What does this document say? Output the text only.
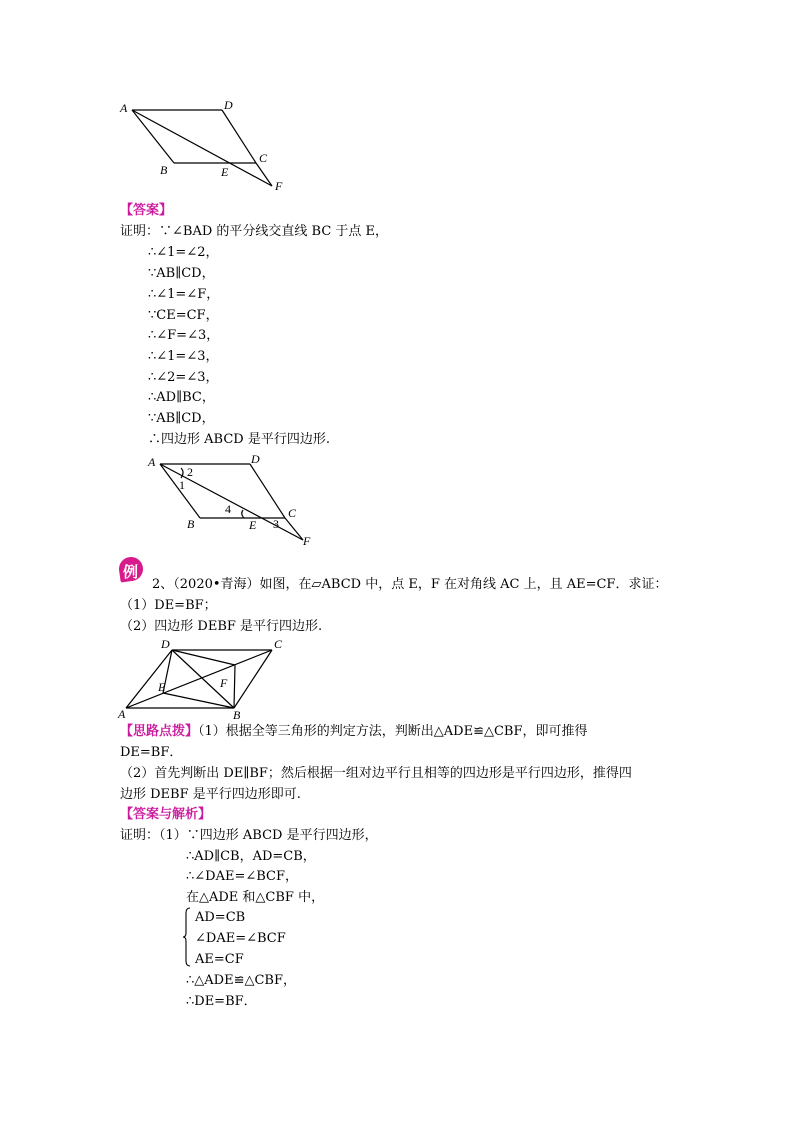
A	D
B	E
C
F
【答案】
证明：∵∠BAD 的平分线交直线 BC 于点 E，
∴∠1=∠2，
∵AB∥CD，
∴∠1=∠F，
∵CE=CF，
∴∠F=∠3，
∴∠1=∠3，
∴∠2=∠3，
∴AD∥BC，
∵AB∥CD，
∴四边形 ABCD 是平行四边形.
A	D
B	E
C
F
1
2
4
3
例
2、（2020•青海）如图，在▱ABCD 中，点 E，F 在对角线 AC 上，且 AE=CF．求证：
（1）DE=BF；
（2）四边形 DEBF 是平行四边形.
D	C
E	F
A	B
【思路点拨】（1）根据全等三角形的判定方法，判断出△ADE≌△CBF，即可推得
DE=BF．
（2）首先判断出 DE∥BF；然后根据一组对边平行且相等的四边形是平行四边形，推得四
边形 DEBF 是平行四边形即可.
【答案与解析】
证明：（1）∵四边形 ABCD 是平行四边形，
∴AD∥CB，AD=CB，
∴∠DAE=∠BCF，
在△ADE 和△CBF 中，
AD=CB
∠DAE=∠BCF
AE=CF
∴△ADE≌△CBF，
∴DE=BF．
